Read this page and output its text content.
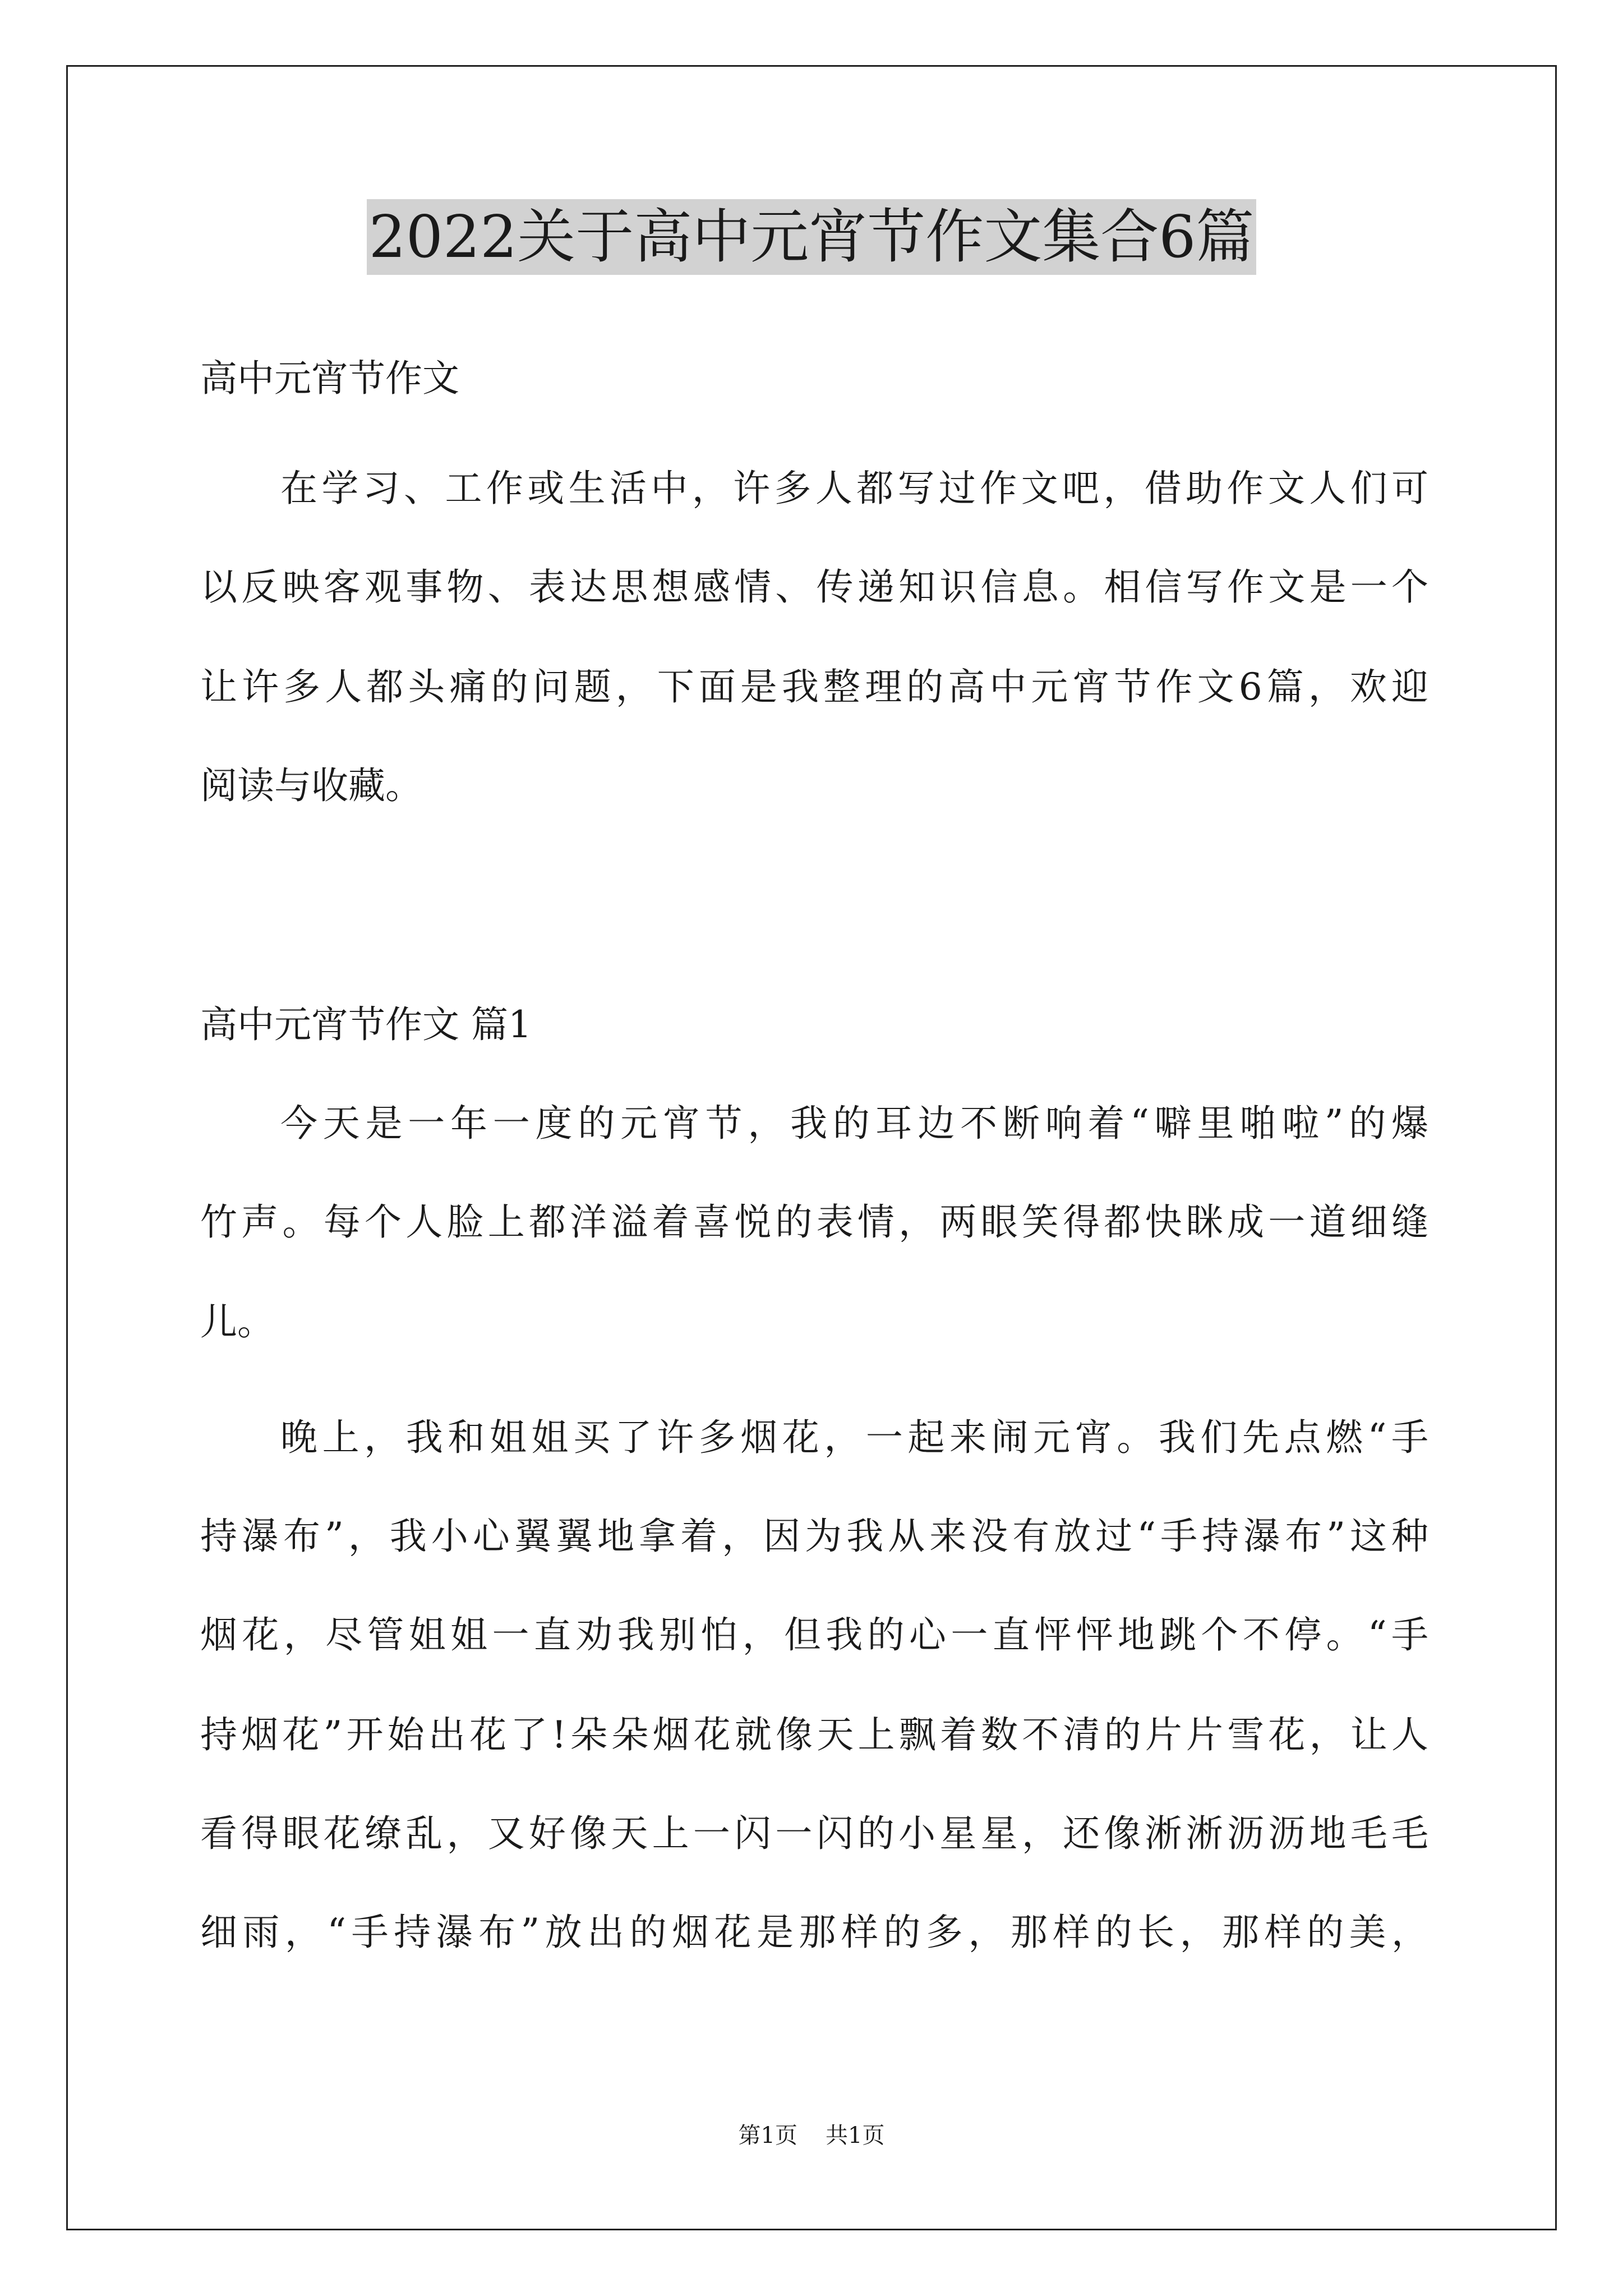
2022关于高中元宵节作文集合6篇
高中元宵节作文
在学习、工作或生活中，许多人都写过作文吧，借助作文人们可
以反映客观事物、表达思想感情、传递知识信息。相信写作文是一个
让许多人都头痛的问题，下面是我整理的高中元宵节作文6篇，欢迎
阅读与收藏。
高中元宵节作文 篇1
今天是一年一度的元宵节，我的耳边不断响着“噼里啪啦”的爆
竹声。每个人脸上都洋溢着喜悦的表情，两眼笑得都快眯成一道细缝
儿。
晚上，我和姐姐买了许多烟花，一起来闹元宵。我们先点燃“手
持瀑布”，我小心翼翼地拿着，因为我从来没有放过“手持瀑布”这种
烟花，尽管姐姐一直劝我别怕，但我的心一直怦怦地跳个不停。“手
持烟花”开始出花了!朵朵烟花就像天上飘着数不清的片片雪花，让人
看得眼花缭乱，又好像天上一闪一闪的小星星，还像淅淅沥沥地毛毛
细雨，“手持瀑布”放出的烟花是那样的多，那样的长，那样的美，
第1页 共1页
